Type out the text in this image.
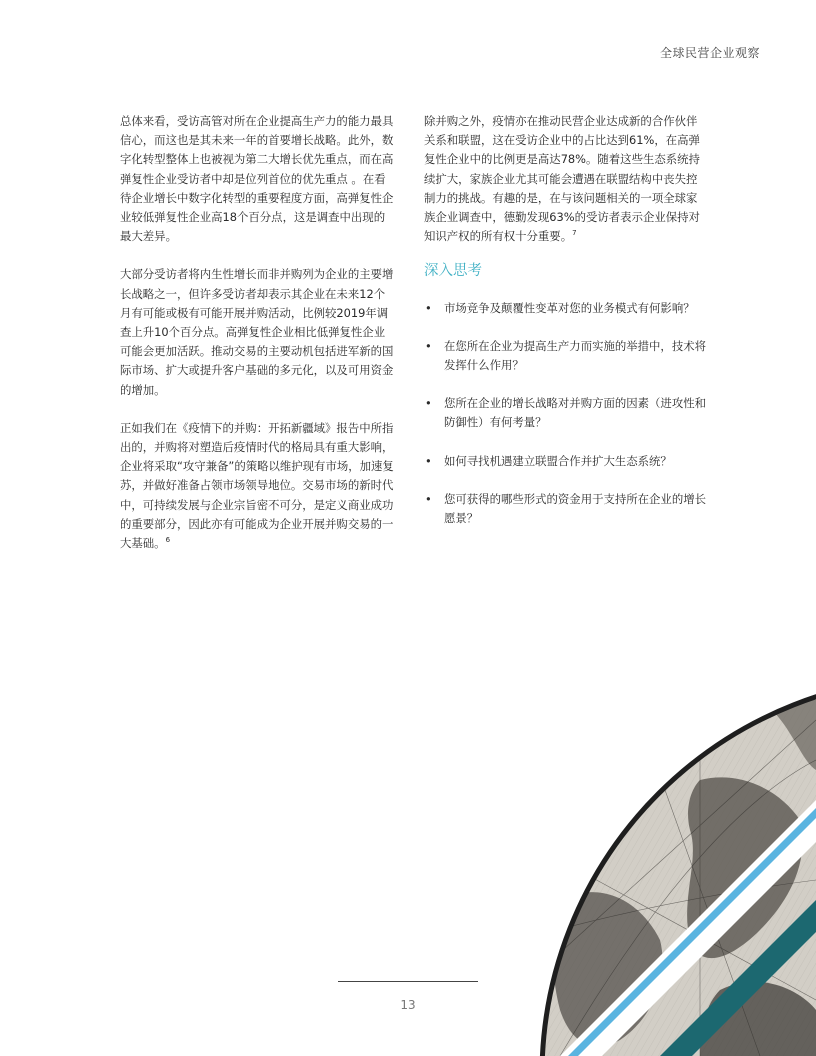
全球民营企业观察

总体来看，受访高管对所在企业提高生产力的能力最具信心，而这也是其未来一年的首要增长战略。此外，数字化转型整体上也被视为第二大增长优先重点，而在高弹复性企业受访者中却是位列首位的优先重点 。在看待企业增长中数字化转型的重要程度方面，高弹复性企业较低弹复性企业高18个百分点，这是调查中出现的最大差异。

大部分受访者将内生性增长而非并购列为企业的主要增长战略之一，但许多受访者却表示其企业在未来12个月有可能或极有可能开展并购活动，比例较2019年调查上升10个百分点。高弹复性企业相比低弹复性企业可能会更加活跃。推动交易的主要动机包括进军新的国际市场、扩大或提升客户基础的多元化，以及可用资金的增加。

正如我们在《疫情下的并购：开拓新疆域》报告中所指出的，并购将对塑造后疫情时代的格局具有重大影响，企业将采取“攻守兼备”的策略以维护现有市场，加速复苏，并做好准备占领市场领导地位。交易市场的新时代中，可持续发展与企业宗旨密不可分，是定义商业成功的重要部分，因此亦有可能成为企业开展并购交易的一大基础。$^6$

除并购之外，疫情亦在推动民营企业达成新的合作伙伴关系和联盟，这在受访企业中的占比达到61%，在高弹复性企业中的比例更是高达78%。随着这些生态系统持续扩大，家族企业尤其可能会遭遇在联盟结构中丧失控制力的挑战。有趣的是，在与该问题相关的一项全球家族企业调查中，德勤发现63%的受访者表示企业保持对知识产权的所有权十分重要。$^7$

深入思考
• 市场竞争及颠覆性变革对您的业务模式有何影响？
• 在您所在企业为提高生产力而实施的举措中，技术将发挥什么作用？
• 您所在企业的增长战略对并购方面的因素（进攻性和防御性）有何考量？
• 如何寻找机遇建立联盟合作并扩大生态系统？
• 您可获得的哪些形式的资金用于支持所在企业的增长愿景？
13
